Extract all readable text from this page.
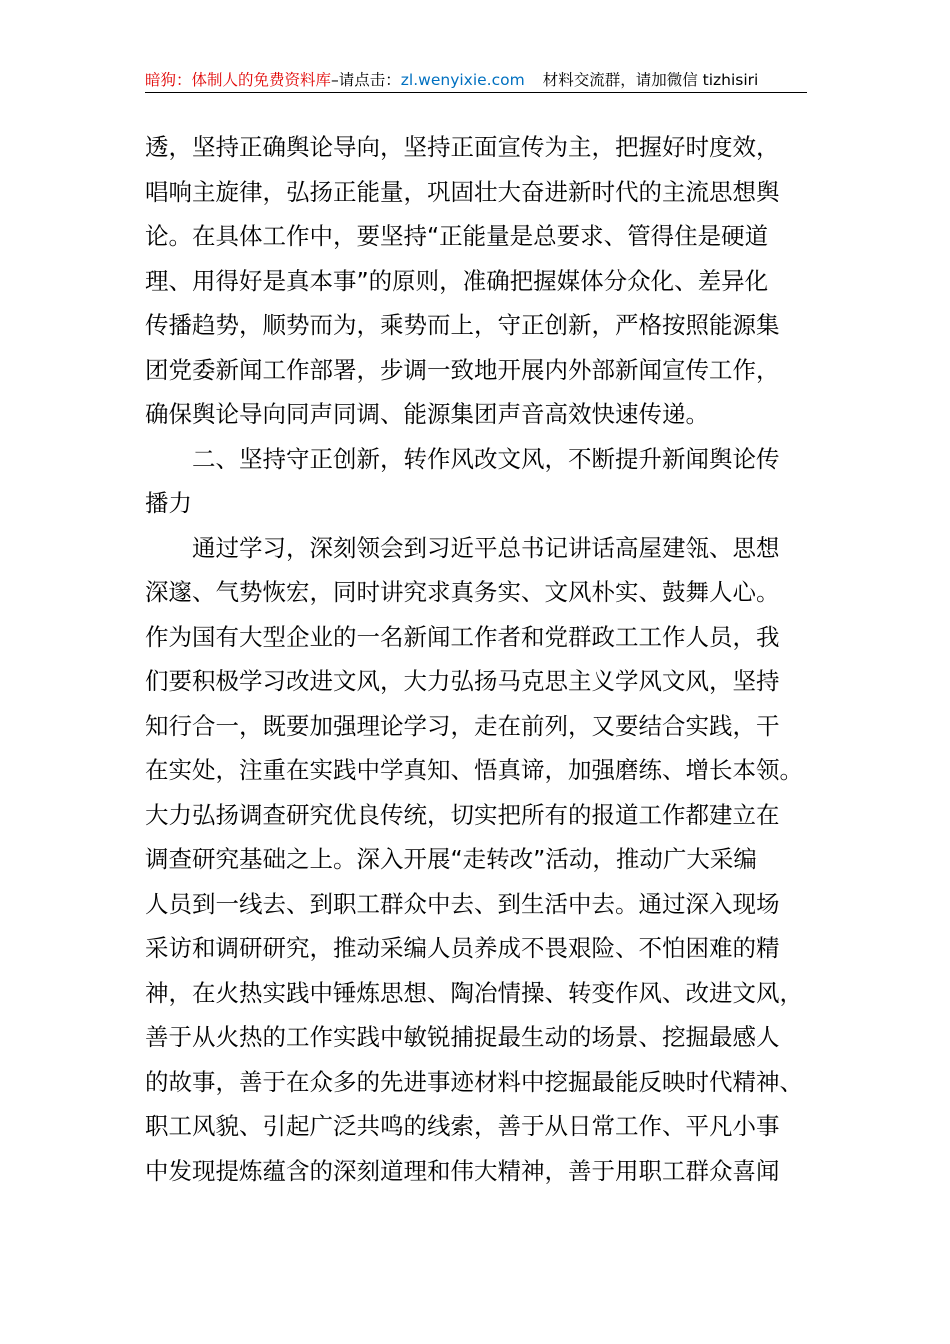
暗狗：体制人的免费资料库–请点击：zl.wenyixie.com 材料交流群，请加微信 tizhisiri
透，坚持正确舆论导向，坚持正面宣传为主，把握好时度效，
唱响主旋律，弘扬正能量，巩固壮大奋进新时代的主流思想舆
论。在具体工作中，要坚持“正能量是总要求、管得住是硬道
理、用得好是真本事”的原则，准确把握媒体分众化、差异化
传播趋势，顺势而为，乘势而上，守正创新，严格按照能源集
团党委新闻工作部署，步调一致地开展内外部新闻宣传工作，
确保舆论导向同声同调、能源集团声音高效快速传递。
二、坚持守正创新，转作风改文风，不断提升新闻舆论传
播力
通过学习，深刻领会到习近平总书记讲话高屋建瓴、思想
深邃、气势恢宏，同时讲究求真务实、文风朴实、鼓舞人心。
作为国有大型企业的一名新闻工作者和党群政工工作人员，我
们要积极学习改进文风，大力弘扬马克思主义学风文风，坚持
知行合一，既要加强理论学习，走在前列，又要结合实践，干
在实处，注重在实践中学真知、悟真谛，加强磨练、增长本领。
大力弘扬调查研究优良传统，切实把所有的报道工作都建立在
调查研究基础之上。深入开展“走转改”活动，推动广大采编
人员到一线去、到职工群众中去、到生活中去。通过深入现场
采访和调研研究，推动采编人员养成不畏艰险、不怕困难的精
神，在火热实践中锤炼思想、陶冶情操、转变作风、改进文风，
善于从火热的工作实践中敏锐捕捉最生动的场景、挖掘最感人
的故事，善于在众多的先进事迹材料中挖掘最能反映时代精神、
职工风貌、引起广泛共鸣的线索，善于从日常工作、平凡小事
中发现提炼蕴含的深刻道理和伟大精神，善于用职工群众喜闻
